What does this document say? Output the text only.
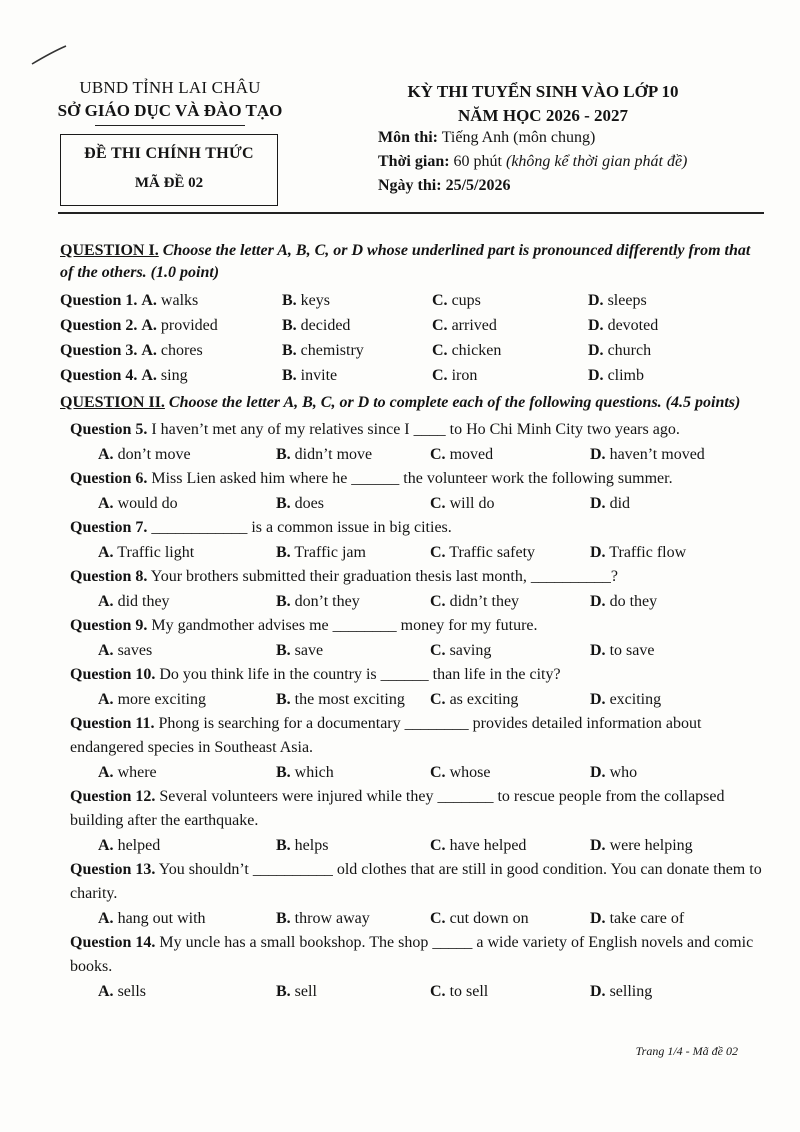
UBND TỈNH LAI CHÂU
SỞ GIÁO DỤC VÀ ĐÀO TẠO
ĐỀ THI CHÍNH THỨC
MÃ ĐỀ 02
KỲ THI TUYỂN SINH VÀO LỚP 10
NĂM HỌC 2026 - 2027
Môn thi: Tiếng Anh (môn chung)
Thời gian: 60 phút (không kể thời gian phát đề)
Ngày thi: 25/5/2026
QUESTION I. Choose the letter A, B, C, or D whose underlined part is pronounced differently from that of the others. (1.0 point)
Question 1. A. walks	B. keys	C. cups	D. sleeps
Question 2. A. provided	B. decided	C. arrived	D. devoted
Question 3. A. chores	B. chemistry	C. chicken	D. church
Question 4. A. sing	B. invite	C. iron	D. climb
QUESTION II. Choose the letter A, B, C, or D to complete each of the following questions. (4.5 points)
Question 5. I haven’t met any of my relatives since I ____ to Ho Chi Minh City two years ago.
A. don’t move	B. didn’t move	C. moved	D. haven’t moved
Question 6. Miss Lien asked him where he ______ the volunteer work the following summer.
A. would do	B. does	C. will do	D. did
Question 7. ____________ is a common issue in big cities.
A. Traffic light	B. Traffic jam	C. Traffic safety	D. Traffic flow
Question 8. Your brothers submitted their graduation thesis last month, __________?
A. did they	B. don’t they	C. didn’t they	D. do they
Question 9. My gandmother advises me ________ money for my future.
A. saves	B. save	C. saving	D. to save
Question 10. Do you think life in the country is ______ than life in the city?
A. more exciting	B. the most exciting	C. as exciting	D. exciting
Question 11. Phong is searching for a documentary ________ provides detailed information about endangered species in Southeast Asia.
A. where	B. which	C. whose	D. who
Question 12. Several volunteers were injured while they _______ to rescue people from the collapsed building after the earthquake.
A. helped	B. helps	C. have helped	D. were helping
Question 13. You shouldn’t __________ old clothes that are still in good condition. You can donate them to charity.
A. hang out with	B. throw away	C. cut down on	D. take care of
Question 14. My uncle has a small bookshop. The shop _____ a wide variety of English novels and comic books.
A. sells	B. sell	C. to sell	D. selling
Trang 1/4 - Mã đề 02
